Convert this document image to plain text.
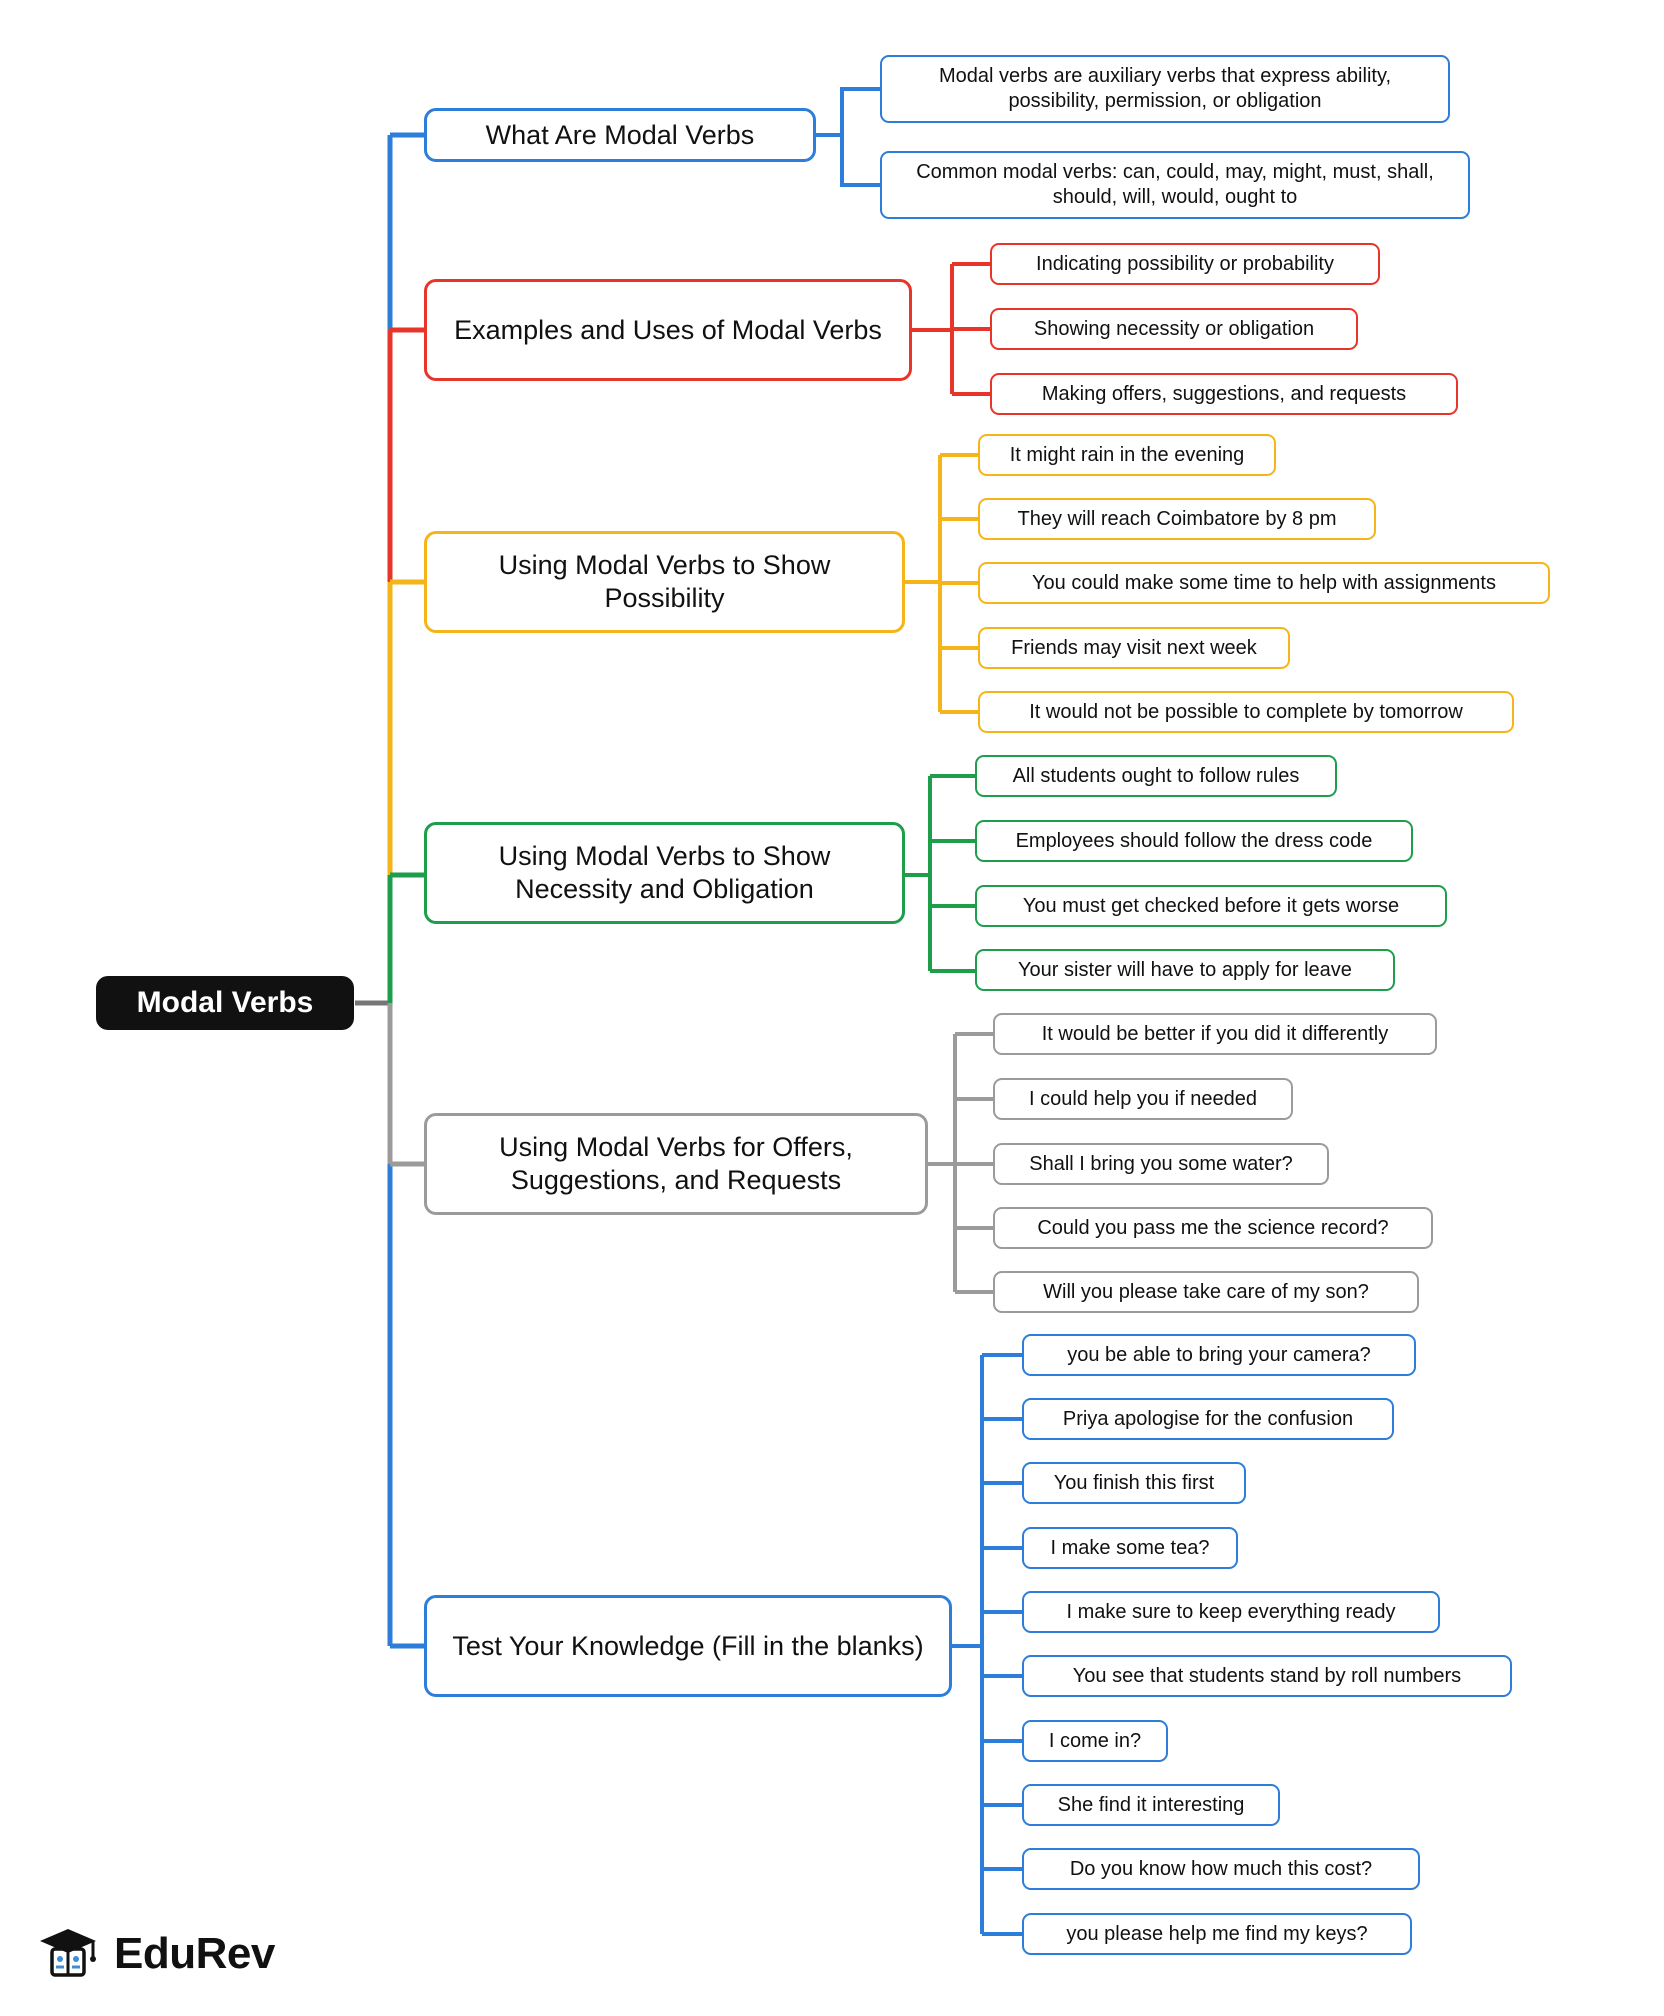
Modal Verbs
What Are Modal Verbs
Modal verbs are auxiliary verbs that express ability, possibility, permission, or obligation
Common modal verbs: can, could, may, might, must, shall, should, will, would, ought to
Examples and Uses of Modal Verbs
Indicating possibility or probability
Showing necessity or obligation
Making offers, suggestions, and requests
Using Modal Verbs to Show Possibility
It might rain in the evening
They will reach Coimbatore by 8 pm
You could make some time to help with assignments
Friends may visit next week
It would not be possible to complete by tomorrow
Using Modal Verbs to Show Necessity and Obligation
All students ought to follow rules
Employees should follow the dress code
You must get checked before it gets worse
Your sister will have to apply for leave
Using Modal Verbs for Offers, Suggestions, and Requests
It would be better if you did it differently
I could help you if needed
Shall I bring you some water?
Could you pass me the science record?
Will you please take care of my son?
Test Your Knowledge (Fill in the blanks)
you be able to bring your camera?
Priya apologise for the confusion
You finish this first
I make some tea?
I make sure to keep everything ready
You see that students stand by roll numbers
I come in?
She find it interesting
Do you know how much this cost?
you please help me find my keys?
EduRev
